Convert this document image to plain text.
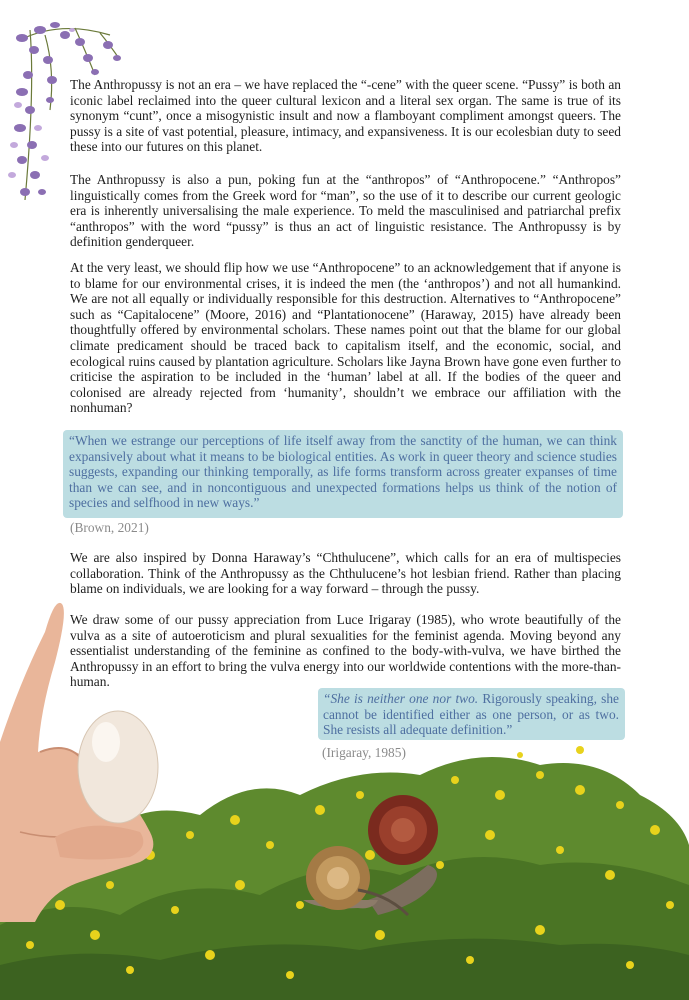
The Anthropussy is not an era – we have replaced the “-cene” with the queer scene. “Pussy” is both an iconic label reclaimed into the queer cultural lexicon and a literal sex organ. The same is true of its synonym “cunt”, once a misogynistic insult and now a flamboyant compliment amongst queers. The pussy is a site of vast potential, pleasure, intimacy, and expansiveness. It is our ecolesbian duty to seed these into our futures on this planet.

The Anthropussy is also a pun, poking fun at the “anthropos” of “Anthropocene.” “Anthropos” linguistically comes from the Greek word for “man”, so the use of it to describe our current geologic era is inherently universalising the male experience. To meld the masculinised and patriarchal prefix “anthropos” with the word “pussy” is thus an act of linguistic resistance. The Anthropussy is by definition genderqueer.

At the very least, we should flip how we use “Anthropocene” to an acknowledgement that if anyone is to blame for our environmental crises, it is indeed the men (the ‘anthropos’) and not all humankind. We are not all equally or individually responsible for this destruction. Alternatives to “Anthropocene” such as “Capitalocene” (Moore, 2016) and “Plantationocene” (Haraway, 2015) have already been thoughtfully offered by environmental scholars. These names point out that the blame for our global climate predicament should be traced back to capitalism itself, and the economic, social, and ecological ruins caused by plantation agriculture. Scholars like Jayna Brown have gone even further to criticise the aspiration to be included in the ‘human’ label at all. If the bodies of the queer and colonised are already rejected from ‘humanity’, shouldn’t we embrace our affiliation with the nonhuman?

“When we estrange our perceptions of life itself away from the sanctity of the human, we can think expansively about what it means to be biological entities. As work in queer theory and science studies suggests, expanding our thinking temporally, as life forms transform across greater expanses of time than we can see, and in noncontiguous and unexpected formations helps us think of the notion of species and selfhood in new ways.”
(Brown, 2021)

We are also inspired by Donna Haraway’s “Chthulucene”, which calls for an era of multispecies collaboration. Think of the Anthropussy as the Chthulucene’s hot lesbian friend. Rather than placing blame on individuals, we are looking for a way forward – through the pussy.

We draw some of our pussy appreciation from Luce Irigaray (1985), who wrote beautifully of the vulva as a site of autoeroticism and plural sexualities for the feminist agenda. Moving beyond any essentialist understanding of the feminine as confined to the body-with-vulva, we have birthed the Anthropussy in an effort to bring the vulva energy into our worldwide contentions with the more-than-human.

“She is neither one nor two. Rigorously speaking, she cannot be identified either as one person, or as two. She resists all adequate definition.”
(Irigaray, 1985)
